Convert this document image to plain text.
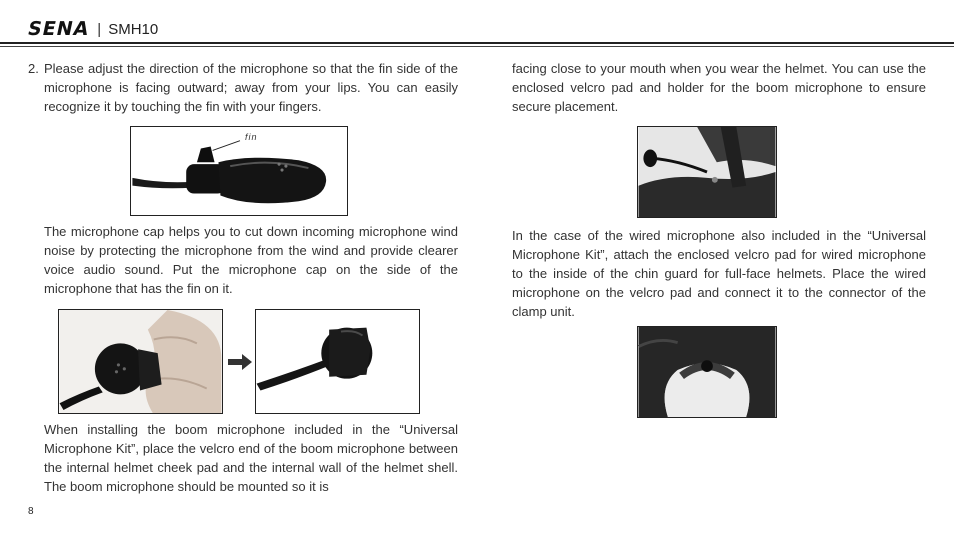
SENA | SMH10
2. Please adjust the direction of the microphone so that the fin side of the microphone is facing outward; away from your lips. You can easily recognize it by touching the fin with your fingers.

fin

The microphone cap helps you to cut down incoming microphone wind noise by protecting the microphone from the wind and provide clearer voice audio sound. Put the microphone cap on the side of the microphone that has the fin on it.

When installing the boom microphone included in the “Universal Microphone Kit”, place the velcro end of the boom microphone between the internal helmet cheek pad and the internal wall of the helmet shell. The boom microphone should be mounted so it is

facing close to your mouth when you wear the helmet. You can use the enclosed velcro pad and holder for the boom microphone to ensure secure placement.

In the case of the wired microphone also included in the “Universal Microphone Kit”, attach the enclosed velcro pad for wired microphone to the inside of the chin guard for full-face helmets. Place the wired microphone on the velcro pad and connect it to the connector of the clamp unit.

8
